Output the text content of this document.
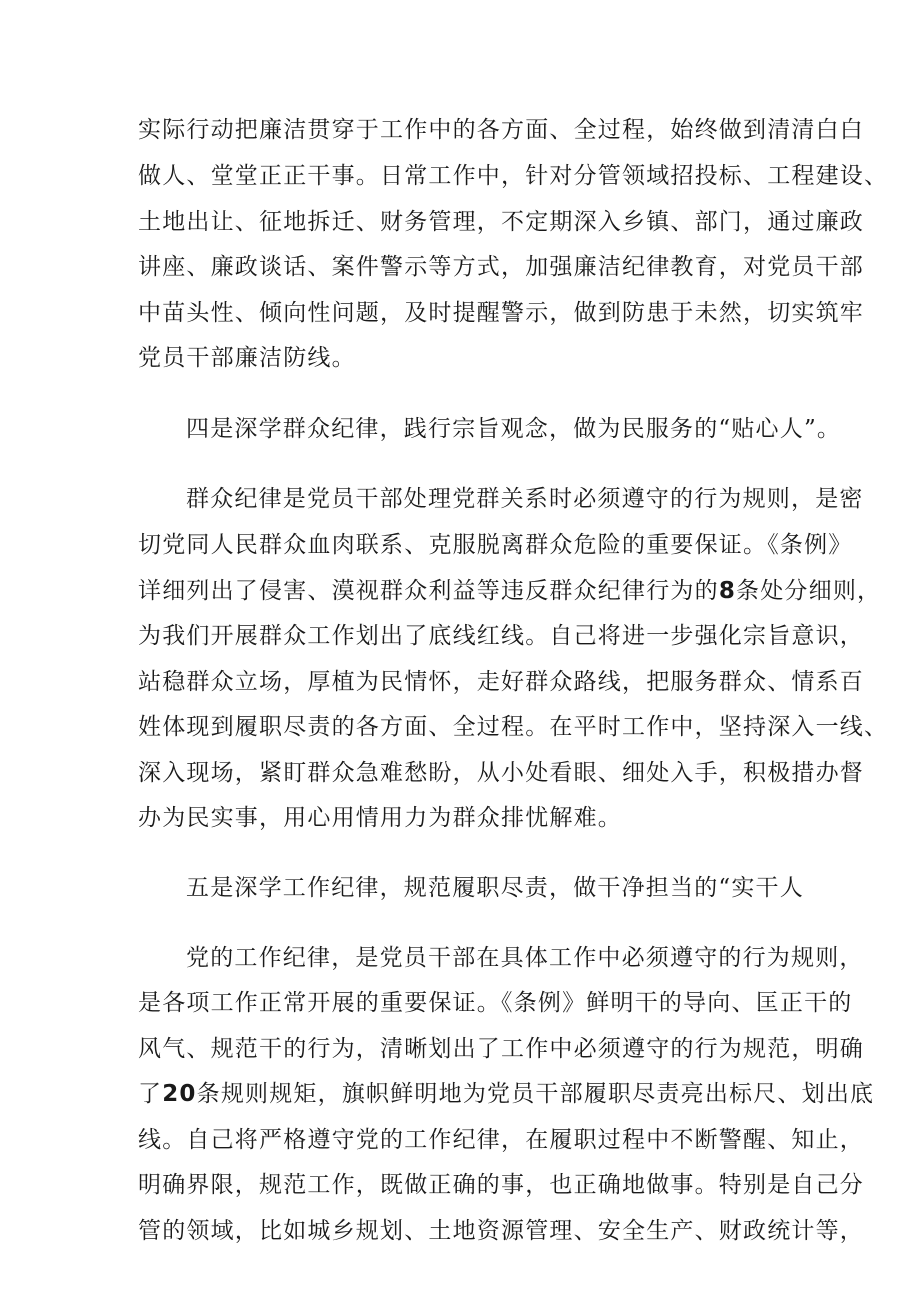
实际行动把廉洁贯穿于工作中的各方面、全过程，始终做到清清白白

做人、堂堂正正干事。日常工作中，针对分管领域招投标、工程建设、

土地出让、征地拆迁、财务管理，不定期深入乡镇、部门，通过廉政

讲座、廉政谈话、案件警示等方式，加强廉洁纪律教育，对党员干部

中苗头性、倾向性问题，及时提醒警示，做到防患于未然，切实筑牢

党员干部廉洁防线。

四是深学群众纪律，践行宗旨观念，做为民服务的“贴心人”。

群众纪律是党员干部处理党群关系时必须遵守的行为规则，是密

切党同人民群众血肉联系、克服脱离群众危险的重要保证。《条例》

详细列出了侵害、漠视群众利益等违反群众纪律行为的8条处分细则，

为我们开展群众工作划出了底线红线。自己将进一步强化宗旨意识，

站稳群众立场，厚植为民情怀，走好群众路线，把服务群众、情系百

姓体现到履职尽责的各方面、全过程。在平时工作中，坚持深入一线、

深入现场，紧盯群众急难愁盼，从小处看眼、细处入手，积极措办督

办为民实事，用心用情用力为群众排忧解难。

五是深学工作纪律，规范履职尽责，做干净担当的“实干人

党的工作纪律，是党员干部在具体工作中必须遵守的行为规则，

是各项工作正常开展的重要保证。《条例》鲜明干的导向、匡正干的

风气、规范干的行为，清晰划出了工作中必须遵守的行为规范，明确

了20条规则规矩，旗帜鲜明地为党员干部履职尽责亮出标尺、划出底

线。自己将严格遵守党的工作纪律，在履职过程中不断警醒、知止，

明确界限，规范工作，既做正确的事，也正确地做事。特别是自己分

管的领域，比如城乡规划、土地资源管理、安全生产、财政统计等，
